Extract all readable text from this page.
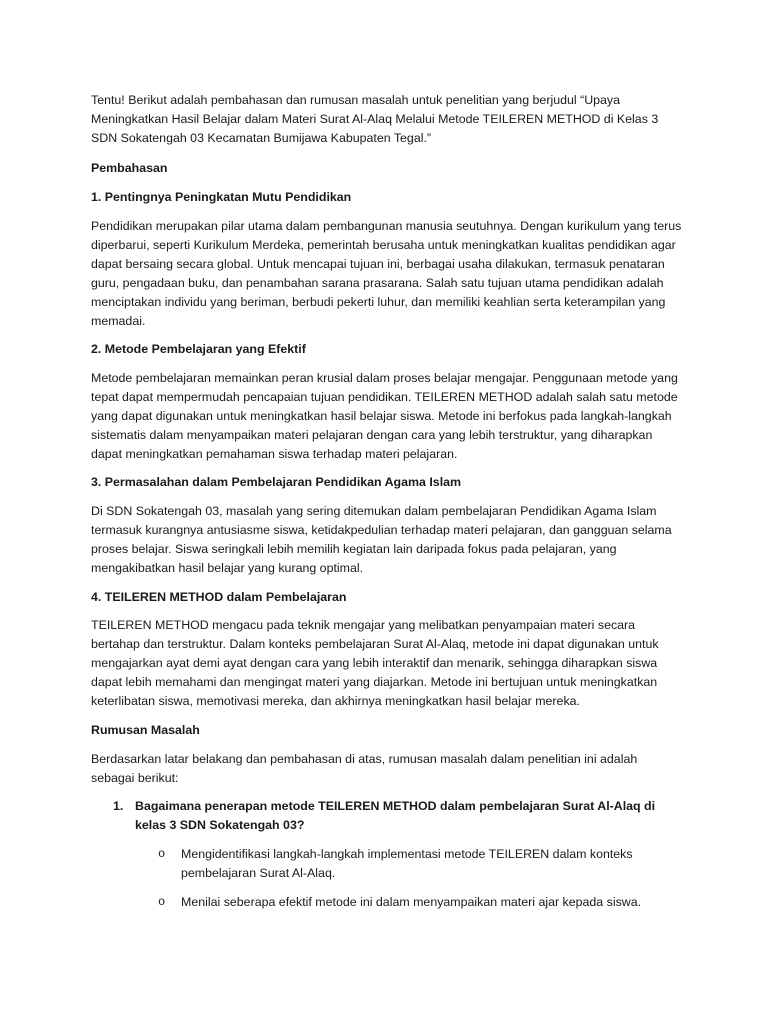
Tentu! Berikut adalah pembahasan dan rumusan masalah untuk penelitian yang berjudul “Upaya Meningkatkan Hasil Belajar dalam Materi Surat Al-Alaq Melalui Metode TEILEREN METHOD di Kelas 3 SDN Sokatengah 03 Kecamatan Bumijawa Kabupaten Tegal.”

Pembahasan

1. Pentingnya Peningkatan Mutu Pendidikan

Pendidikan merupakan pilar utama dalam pembangunan manusia seutuhnya. Dengan kurikulum yang terus diperbarui, seperti Kurikulum Merdeka, pemerintah berusaha untuk meningkatkan kualitas pendidikan agar dapat bersaing secara global. Untuk mencapai tujuan ini, berbagai usaha dilakukan, termasuk penataran guru, pengadaan buku, dan penambahan sarana prasarana. Salah satu tujuan utama pendidikan adalah menciptakan individu yang beriman, berbudi pekerti luhur, dan memiliki keahlian serta keterampilan yang memadai.

2. Metode Pembelajaran yang Efektif

Metode pembelajaran memainkan peran krusial dalam proses belajar mengajar. Penggunaan metode yang tepat dapat mempermudah pencapaian tujuan pendidikan. TEILEREN METHOD adalah salah satu metode yang dapat digunakan untuk meningkatkan hasil belajar siswa. Metode ini berfokus pada langkah-langkah sistematis dalam menyampaikan materi pelajaran dengan cara yang lebih terstruktur, yang diharapkan dapat meningkatkan pemahaman siswa terhadap materi pelajaran.

3. Permasalahan dalam Pembelajaran Pendidikan Agama Islam

Di SDN Sokatengah 03, masalah yang sering ditemukan dalam pembelajaran Pendidikan Agama Islam termasuk kurangnya antusiasme siswa, ketidakpedulian terhadap materi pelajaran, dan gangguan selama proses belajar. Siswa seringkali lebih memilih kegiatan lain daripada fokus pada pelajaran, yang mengakibatkan hasil belajar yang kurang optimal.

4. TEILEREN METHOD dalam Pembelajaran

TEILEREN METHOD mengacu pada teknik mengajar yang melibatkan penyampaian materi secara bertahap dan terstruktur. Dalam konteks pembelajaran Surat Al-Alaq, metode ini dapat digunakan untuk mengajarkan ayat demi ayat dengan cara yang lebih interaktif dan menarik, sehingga diharapkan siswa dapat lebih memahami dan mengingat materi yang diajarkan. Metode ini bertujuan untuk meningkatkan keterlibatan siswa, memotivasi mereka, dan akhirnya meningkatkan hasil belajar mereka.

Rumusan Masalah

Berdasarkan latar belakang dan pembahasan di atas, rumusan masalah dalam penelitian ini adalah sebagai berikut:

1. Bagaimana penerapan metode TEILEREN METHOD dalam pembelajaran Surat Al-Alaq di kelas 3 SDN Sokatengah 03?
o	Mengidentifikasi langkah-langkah implementasi metode TEILEREN dalam konteks pembelajaran Surat Al-Alaq.
o	Menilai seberapa efektif metode ini dalam menyampaikan materi ajar kepada siswa.
